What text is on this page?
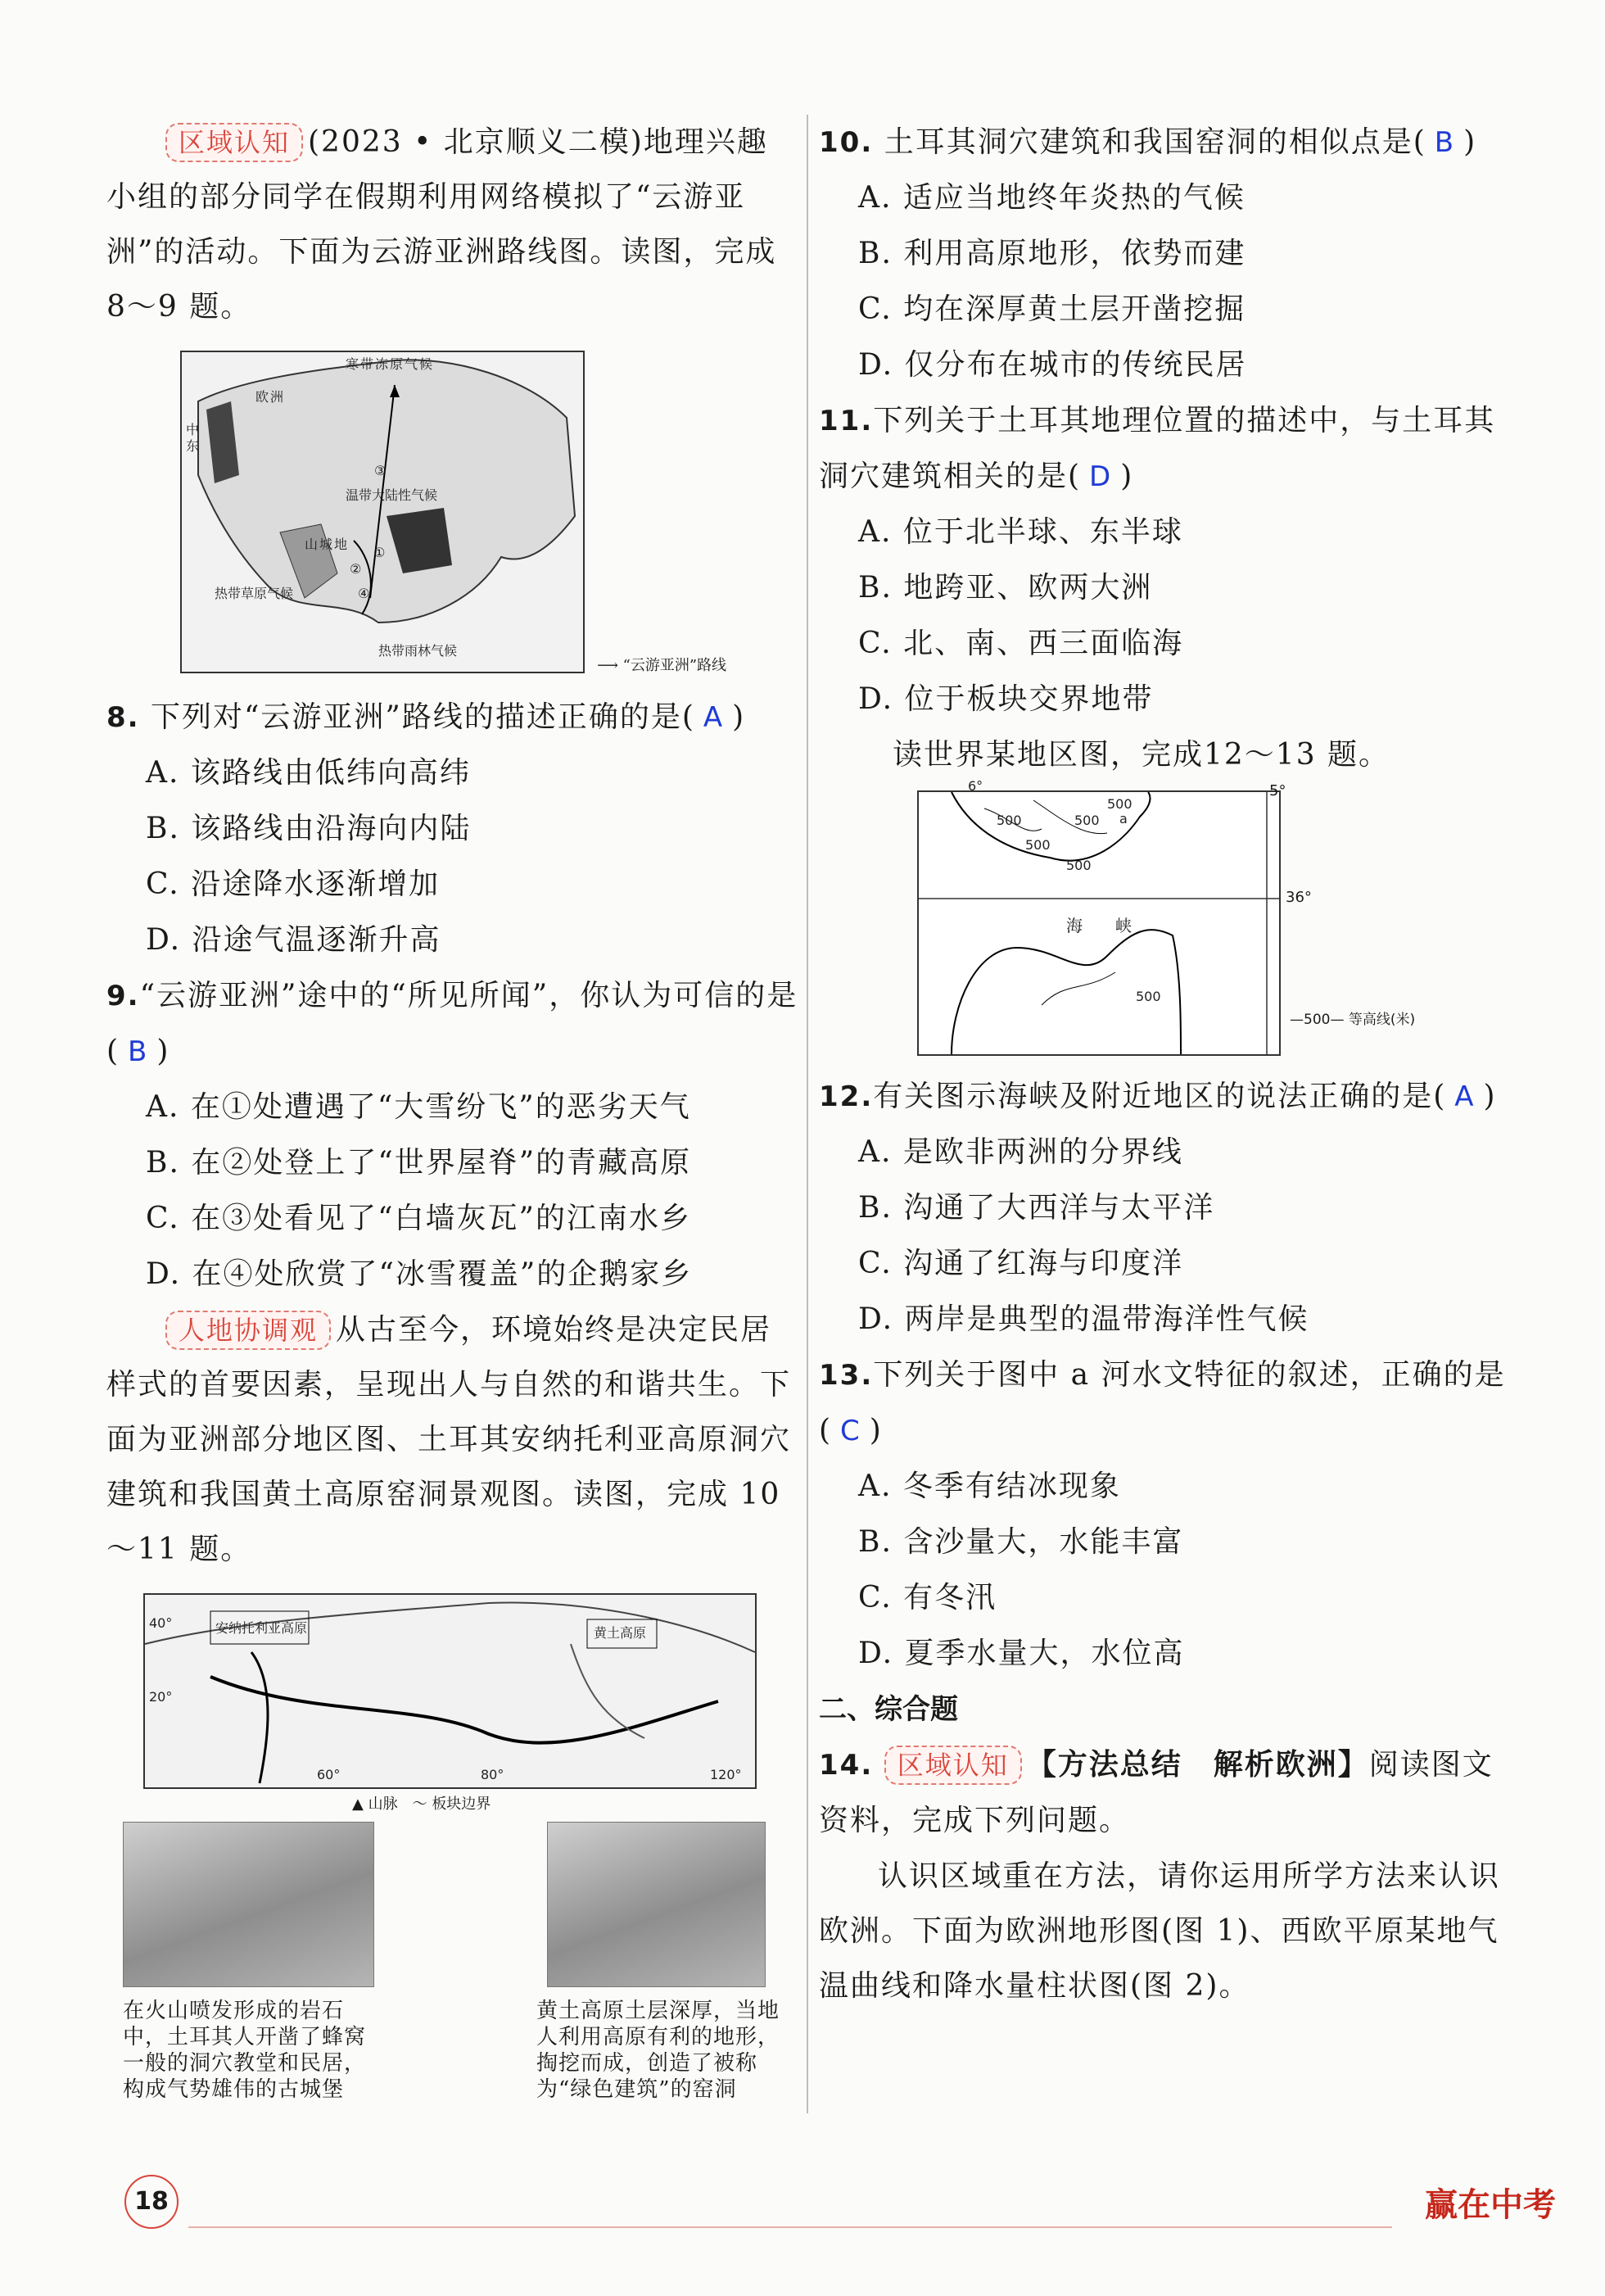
区域认知 (2023 • 北京顺义二模)地理兴趣小组的部分同学在假期利用网络模拟了“云游亚洲”的活动。下面为云游亚洲路线图。读图，完成 8～9 题。

温带大陆性气候
热带草原气候
热带雨林气候
欧 洲
寒 带 冻 原 气 候
中
东
山 城 地
①
②
③
④
⟶ “云游亚洲”路线

8. 下列对“云游亚洲”路线的描述正确的是( A )

A. 该路线由低纬向高纬

B. 该路线由沿海向内陆

C. 沿途降水逐渐增加

D. 沿途气温逐渐升高

9.“云游亚洲”途中的“所见所闻”，你认为可信的是( B )

A. 在①处遭遇了“大雪纷飞”的恶劣天气

B. 在②处登上了“世界屋脊”的青藏高原

C. 在③处看见了“白墙灰瓦”的江南水乡

D. 在④处欣赏了“冰雪覆盖”的企鹅家乡

人地协调观 从古至今，环境始终是决定民居样式的首要因素，呈现出人与自然的和谐共生。下面为亚洲部分地区图、土耳其安纳托利亚高原洞穴建筑和我国黄土高原窑洞景观图。读图，完成 10～11 题。

安纳托利亚高原	黄土高原
20°
40°
60°	80°	120°
▲ 山脉　〜 板块边界

在火山喷发形成的岩石中，土耳其人开凿了蜂窝一般的洞穴教堂和民居，构成气势雄伟的古城堡

黄土高原土层深厚，当地人利用高原有利的地形，掏挖而成，创造了被称为“绿色建筑”的窑洞

10. 土耳其洞穴建筑和我国窑洞的相似点是( B )

A. 适应当地终年炎热的气候

B. 利用高原地形，依势而建

C. 均在深厚黄土层开凿挖掘

D. 仅分布在城市的传统民居

11.下列关于土耳其地理位置的描述中，与土耳其洞穴建筑相关的是( D )

A. 位于北半球、东半球

B. 地跨亚、欧两大洲

C. 北、南、西三面临海

D. 位于板块交界地带

读世界某地区图，完成12～13 题。

6°
海　　峡
a
500
500
500
500
500
500
5°
36°
—500— 等高线(米)

12.有关图示海峡及附近地区的说法正确的是( A )

A. 是欧非两洲的分界线

B. 沟通了大西洋与太平洋

C. 沟通了红海与印度洋

D. 两岸是典型的温带海洋性气候

13.下列关于图中 a 河水文特征的叙述，正确的是( C )

A. 冬季有结冰现象

B. 含沙量大，水能丰富

C. 有冬汛

D. 夏季水量大，水位高

二、综合题

14. 区域认知 【方法总结　解析欧洲】阅读图文资料，完成下列问题。

认识区域重在方法，请你运用所学方法来认识欧洲。下面为欧洲地形图(图 1)、西欧平原某地气温曲线和降水量柱状图(图 2)。

18	赢在中考
